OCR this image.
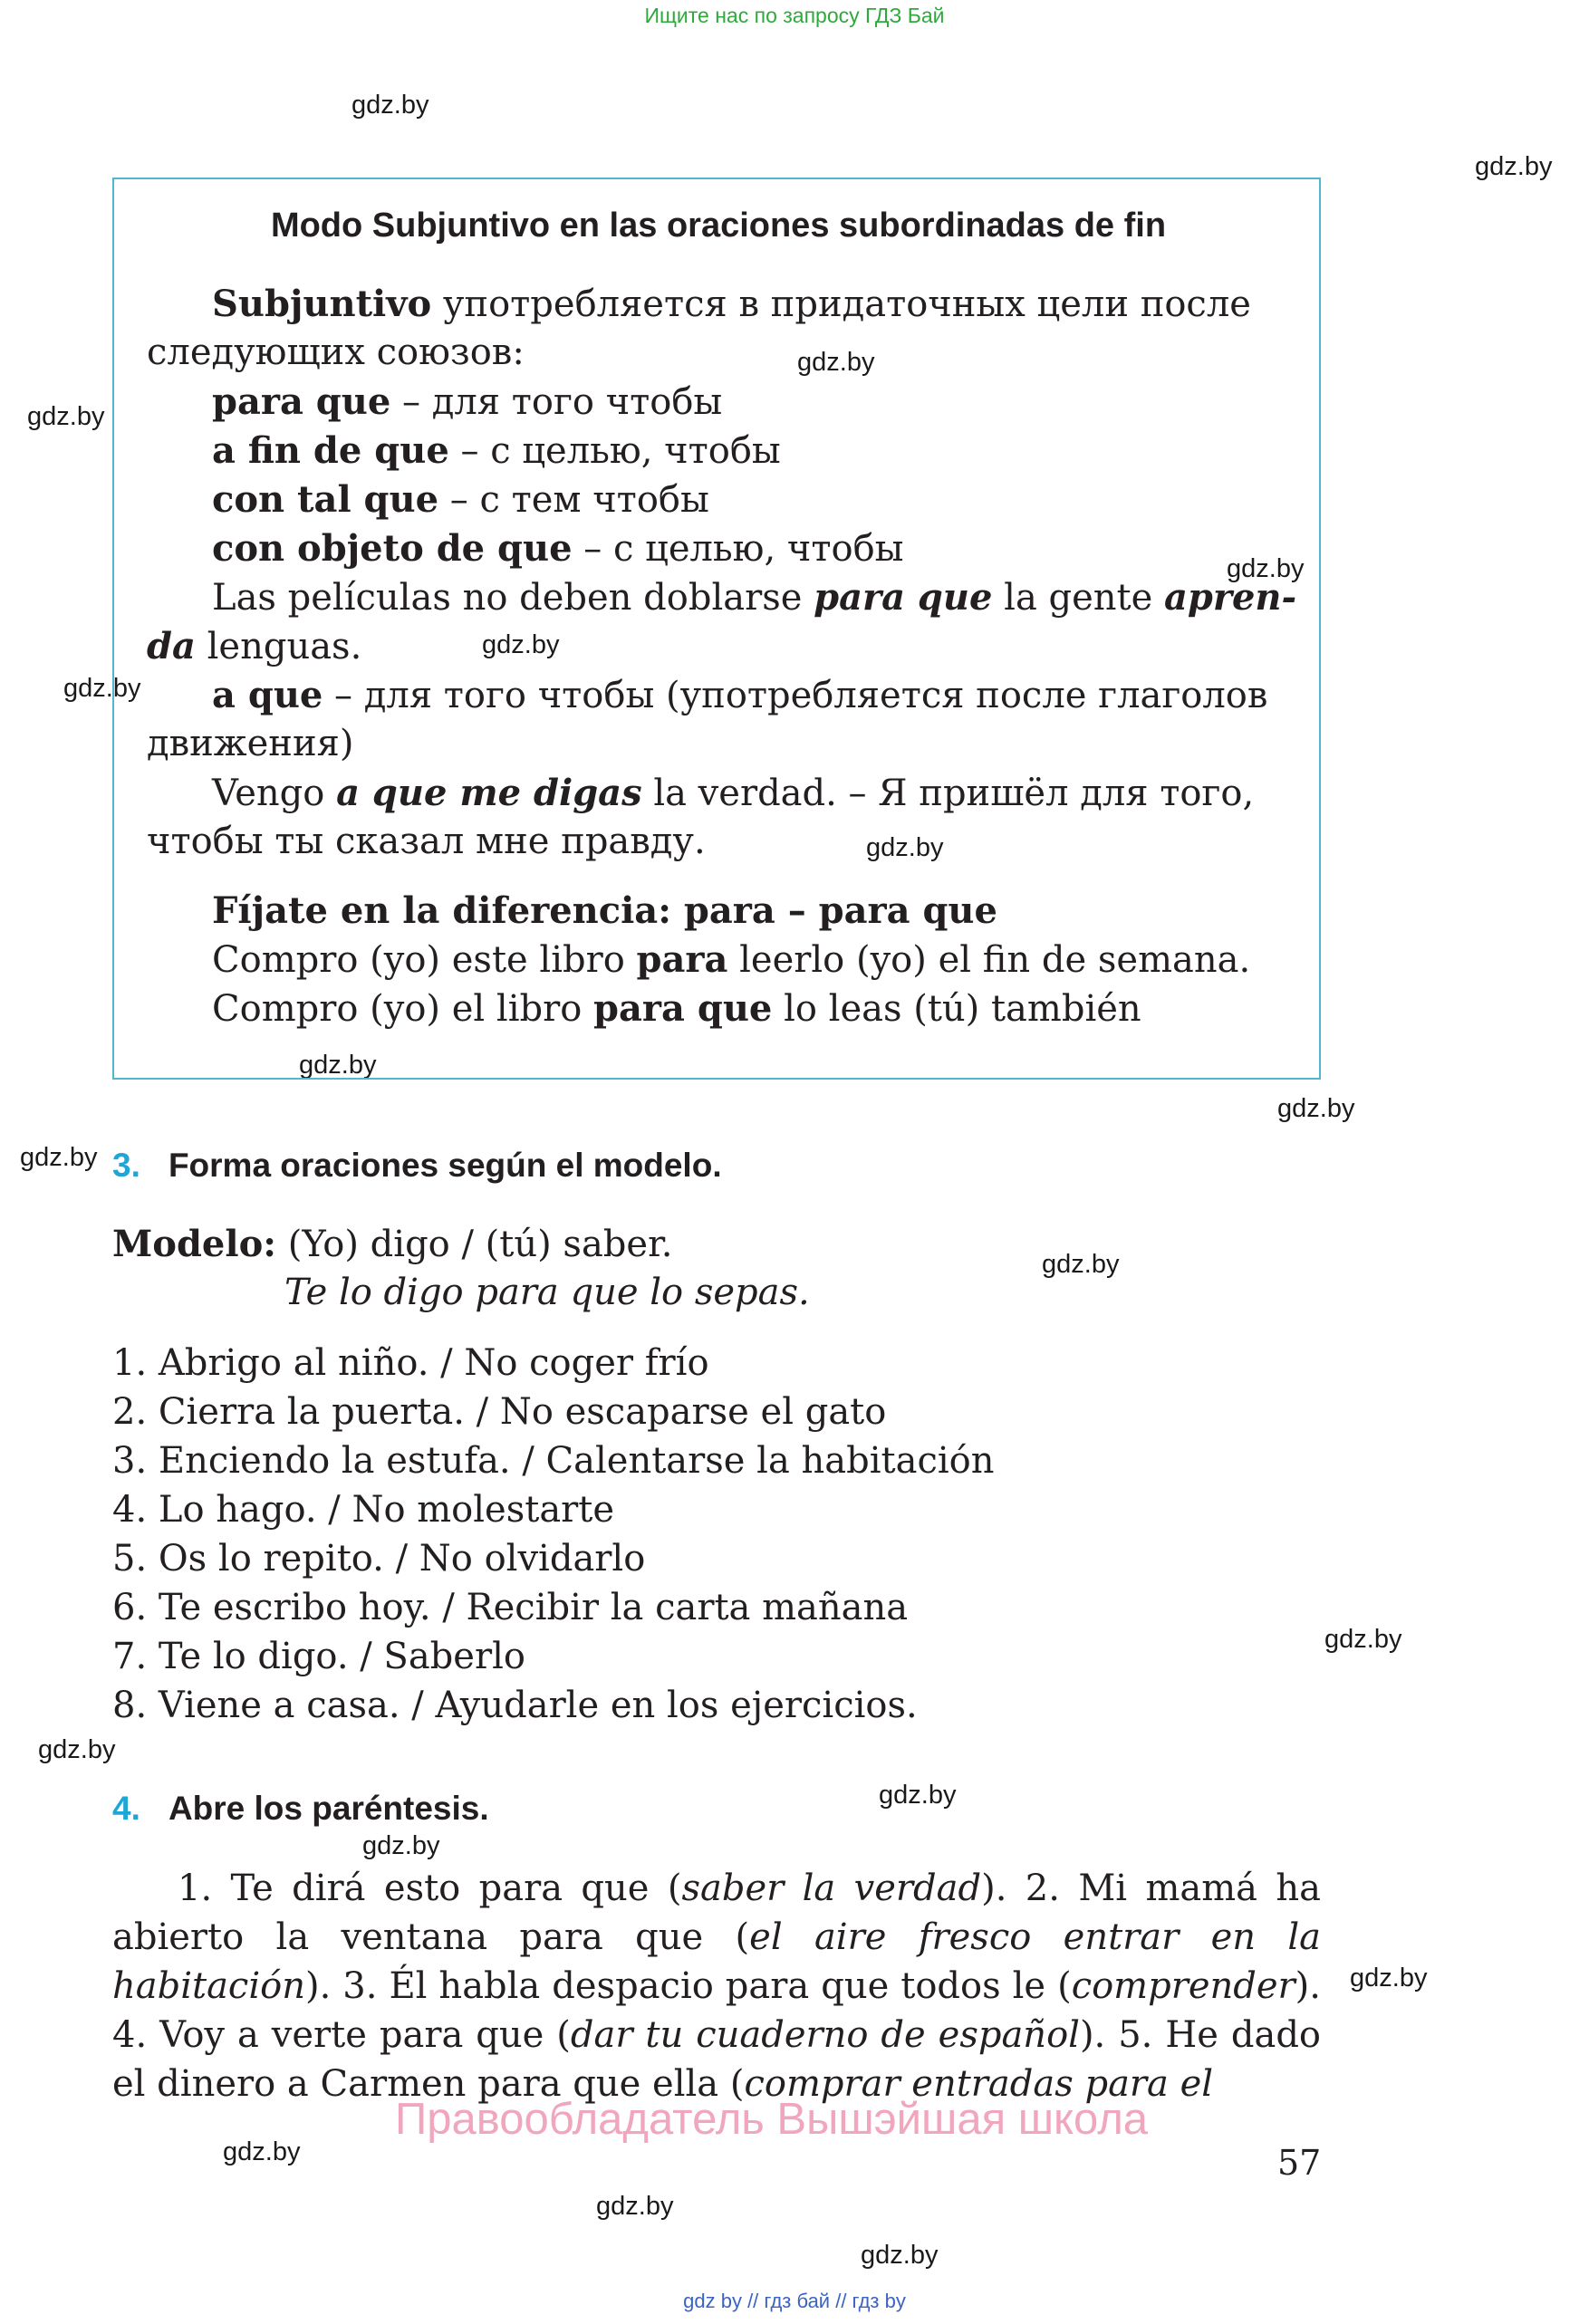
Ищите нас по запросу ГДЗ Бай
gdz.by
gdz.by
gdz.by
gdz.by
gdz.by
gdz.by
gdz.by
gdz.by
gdz.by
gdz.by
gdz.by
gdz.by
gdz.by
gdz.by
gdz.by
gdz.by
gdz.by
gdz.by
gdz.by
gdz.by
Modo Subjuntivo en las oraciones subordinadas de fin
Subjuntivo употребляется в придаточных цели после
следующих союзов:
para que – для того чтобы
a fin de que – с целью, чтобы
con tal que – с тем чтобы
con objeto de que – с целью, чтобы
Las películas no deben doblarse para que la gente apren-
da lenguas.
a que – для того чтобы (употребляется после глаголов
движения)
Vengo a que me digas la verdad. – Я пришёл для того,
чтобы ты сказал мне правду.
Fíjate en la diferencia: para – para que
Compro (yo) este libro para leerlo (yo) el fin de semana.
Compro (yo) el libro para que lo leas (tú) también
3. Forma oraciones según el modelo.
Modelo: (Yo) digo / (tú) saber.
Te lo digo para que lo sepas.
1. Abrigo al niño. / No coger frío
2. Cierra la puerta. / No escaparse el gato
3. Enciendo la estufa. / Calentarse la habitación
4. Lo hago. / No molestarte
5. Os lo repito. / No olvidarlo
6. Te escribo hoy. / Recibir la carta mañana
7. Te lo digo. / Saberlo
8. Viene a casa. / Ayudarle en los ejercicios.
4. Abre los paréntesis.
1. Te dirá esto para que (saber la verdad). 2. Mi mamá ha abierto la ventana para que (el aire fresco entrar en la habitación). 3. Él habla despacio para que todos le (comprender). 4. Voy a verte para que (dar tu cuaderno de español). 5. He dado el dinero a Carmen para que ella (comprar entradas para el
Правообладатель Вышэйшая школа
57
gdz by // гдз бай // гдз by
